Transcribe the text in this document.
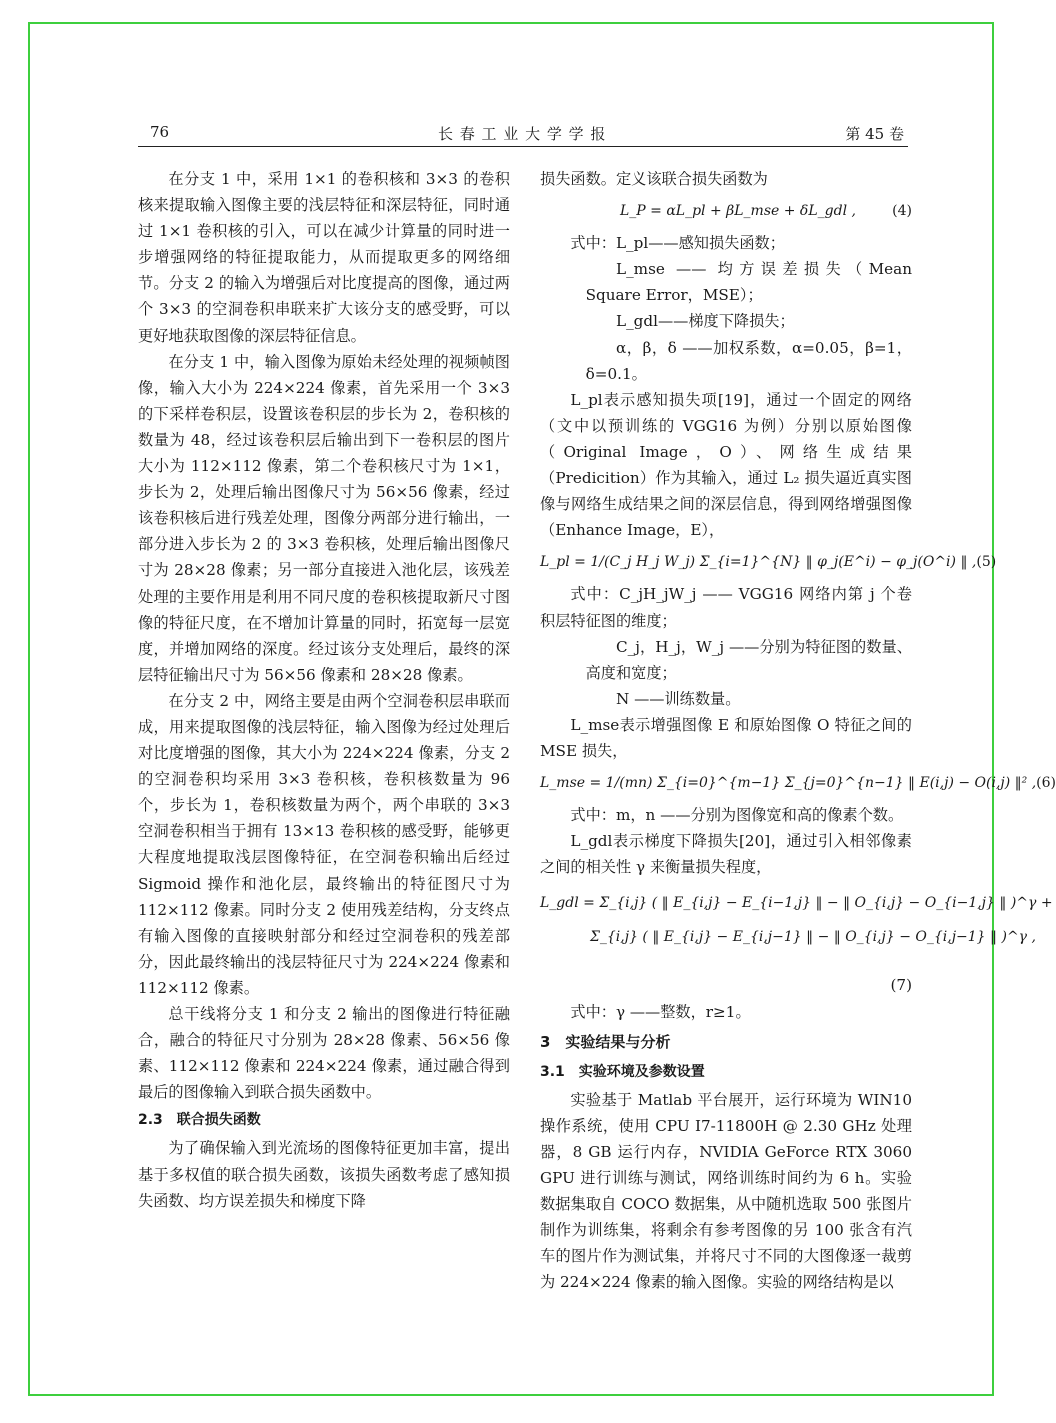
76	长 春 工 业 大 学 学 报	第 45 卷

在分支 1 中，采用 1×1 的卷积核和 3×3 的卷积核来提取输入图像主要的浅层特征和深层特征，同时通过 1×1 卷积核的引入，可以在减少计算量的同时进一步增强网络的特征提取能力，从而提取更多的网络细节。分支 2 的输入为增强后对比度提高的图像，通过两个 3×3 的空洞卷积串联来扩大该分支的感受野，可以更好地获取图像的深层特征信息。

在分支 1 中，输入图像为原始未经处理的视频帧图像，输入大小为 224×224 像素，首先采用一个 3×3 的下采样卷积层，设置该卷积层的步长为 2，卷积核的数量为 48，经过该卷积层后输出到下一卷积层的图片大小为 112×112 像素，第二个卷积核尺寸为 1×1，步长为 2，处理后输出图像尺寸为 56×56 像素，经过该卷积核后进行残差处理，图像分两部分进行输出，一部分进入步长为 2 的 3×3 卷积核，处理后输出图像尺寸为 28×28 像素；另一部分直接进入池化层，该残差处理的主要作用是利用不同尺度的卷积核提取新尺寸图像的特征尺度，在不增加计算量的同时，拓宽每一层宽度，并增加网络的深度。经过该分支处理后，最终的深层特征输出尺寸为 56×56 像素和 28×28 像素。

在分支 2 中，网络主要是由两个空洞卷积层串联而成，用来提取图像的浅层特征，输入图像为经过处理后对比度增强的图像，其大小为 224×224 像素，分支 2 的空洞卷积均采用 3×3 卷积核，卷积核数量为 96 个，步长为 1，卷积核数量为两个，两个串联的 3×3 空洞卷积相当于拥有 13×13 卷积核的感受野，能够更大程度地提取浅层图像特征，在空洞卷积输出后经过 Sigmoid 操作和池化层，最终输出的特征图尺寸为 112×112 像素。同时分支 2 使用残差结构，分支终点有输入图像的直接映射部分和经过空洞卷积的残差部分，因此最终输出的浅层特征尺寸为 224×224 像素和 112×112 像素。

总干线将分支 1 和分支 2 输出的图像进行特征融合，融合的特征尺寸分别为 28×28 像素、56×56 像素、112×112 像素和 224×224 像素，通过融合得到最后的图像输入到联合损失函数中。

2.3　联合损失函数

为了确保输入到光流场的图像特征更加丰富，提出基于多权值的联合损失函数，该损失函数考虑了感知损失函数、均方误差损失和梯度下降

损失函数。定义该联合损失函数为

L_P = αL_pl + βL_mse + δL_gdl ,	(4)

式中：L_pl——感知损失函数；

L_mse —— 均方误差损失（Mean Square Error，MSE）；

L_gdl——梯度下降损失；

α，β，δ ——加权系数，α=0.05，β=1，δ=0.1。

L_pl表示感知损失项[19]，通过一个固定的网络（文中以预训练的 VGG16 为例）分别以原始图像（Original Image，O）、网络生成结果（Predicition）作为其输入，通过 L₂ 损失逼近真实图像与网络生成结果之间的深层信息，得到网络增强图像（Enhance Image，E），

L_pl = 1/(C_j H_j W_j) Σ_{i=1}^{N} ‖ φ_j(E^i) − φ_j(O^i) ‖ , (5)

式中：C_jH_jW_j —— VGG16 网络内第 j 个卷积层特征图的维度；

C_j，H_j，W_j ——分别为特征图的数量、高度和宽度；

N ——训练数量。

L_mse表示增强图像 E 和原始图像 O 特征之间的 MSE 损失，

L_mse = 1/(mn) Σ_{i=0}^{m−1} Σ_{j=0}^{n−1} ‖ E(i,j) − O(i,j) ‖² , (6)

式中：m，n ——分别为图像宽和高的像素个数。

L_gdl表示梯度下降损失[20]，通过引入相邻像素之间的相关性 γ 来衡量损失程度，

L_gdl = Σ_{i,j} ( ‖ E_{i,j} − E_{i−1,j} ‖ − ‖ O_{i,j} − O_{i−1,j} ‖ )^γ +
Σ_{i,j} ( ‖ E_{i,j} − E_{i,j−1} ‖ − ‖ O_{i,j} − O_{i,j−1} ‖ )^γ ,
(7)

式中：γ ——整数，r≥1。

3　实验结果与分析
3.1　实验环境及参数设置

实验基于 Matlab 平台展开，运行环境为 WIN10 操作系统，使用 CPU I7-11800H @ 2.30 GHz 处理器，8 GB 运行内存，NVIDIA GeForce RTX 3060 GPU 进行训练与测试，网络训练时间约为 6 h。实验数据集取自 COCO 数据集，从中随机选取 500 张图片制作为训练集，将剩余有参考图像的另 100 张含有汽车的图片作为测试集，并将尺寸不同的大图像逐一裁剪为 224×224 像素的输入图像。实验的网络结构是以
